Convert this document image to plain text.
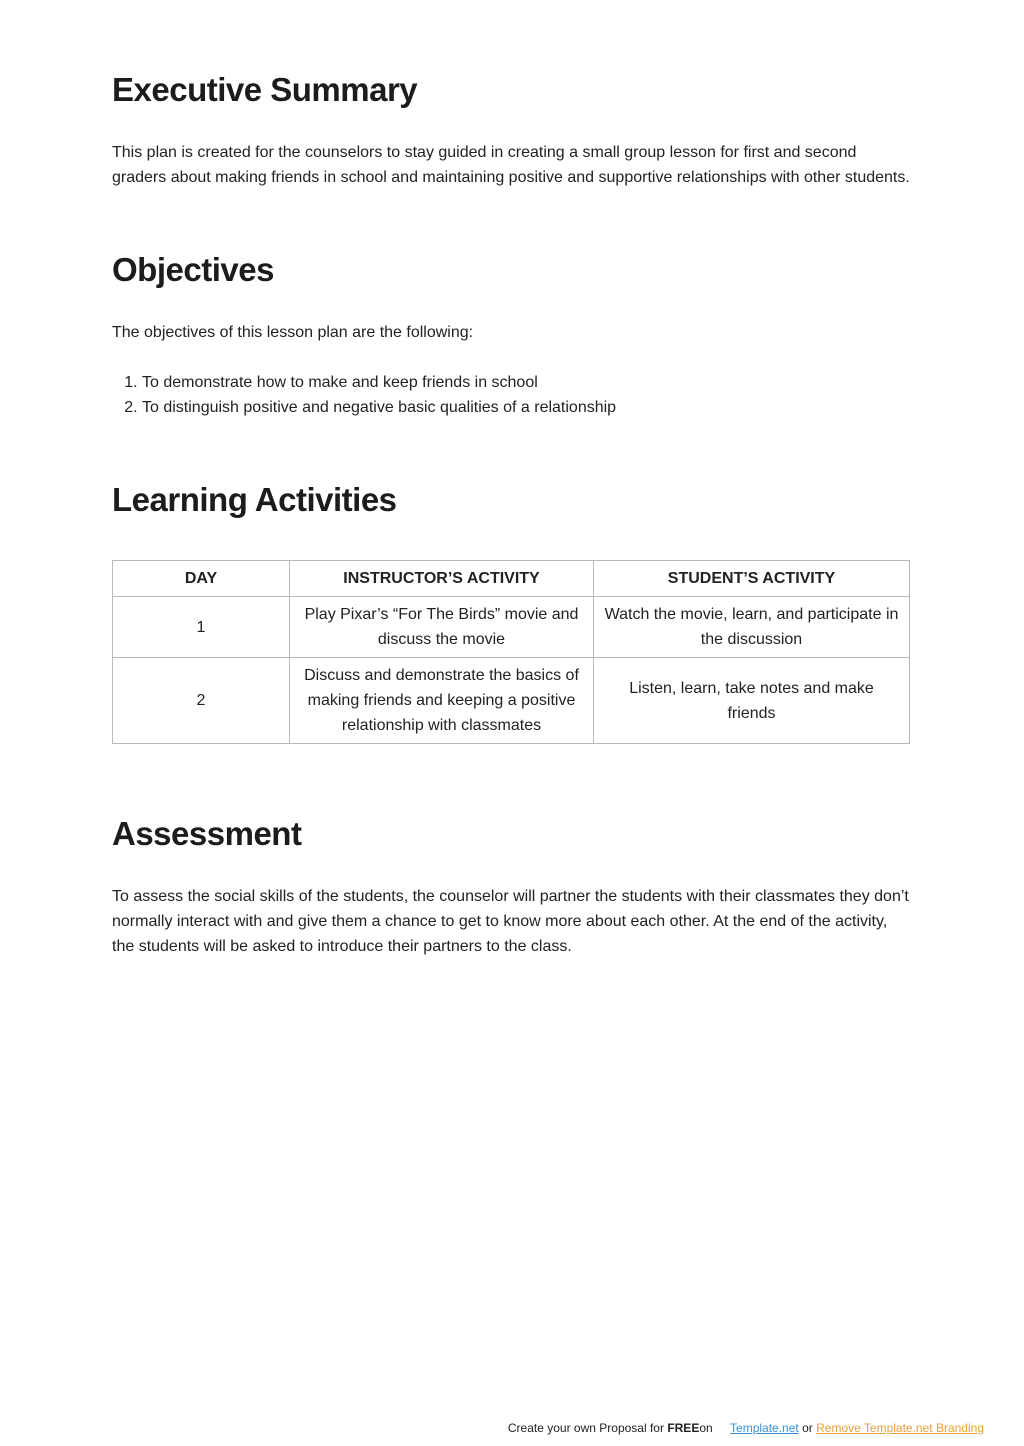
Executive Summary

This plan is created for the counselors to stay guided in creating a small group lesson for first and second graders about making friends in school and maintaining positive and supportive relationships with other students.

Objectives

The objectives of this lesson plan are the following:

1. To demonstrate how to make and keep friends in school
2. To distinguish positive and negative basic qualities of a relationship
Learning Activities
DAY	INSTRUCTOR’S ACTIVITY	STUDENT’S ACTIVITY
1	Play Pixar’s “For The Birds” movie and discuss the movie	Watch the movie, learn, and participate in the discussion
2	Discuss and demonstrate the basics of making friends and keeping a positive relationship with classmates	Listen, learn, take notes and make friends
Assessment

To assess the social skills of the students, the counselor will partner the students with their classmates they don’t normally interact with and give them a chance to get to know more about each other. At the end of the activity, the students will be asked to introduce their partners to the class.

Create your own Proposal for FREEon Template.net or Remove Template.net Branding
